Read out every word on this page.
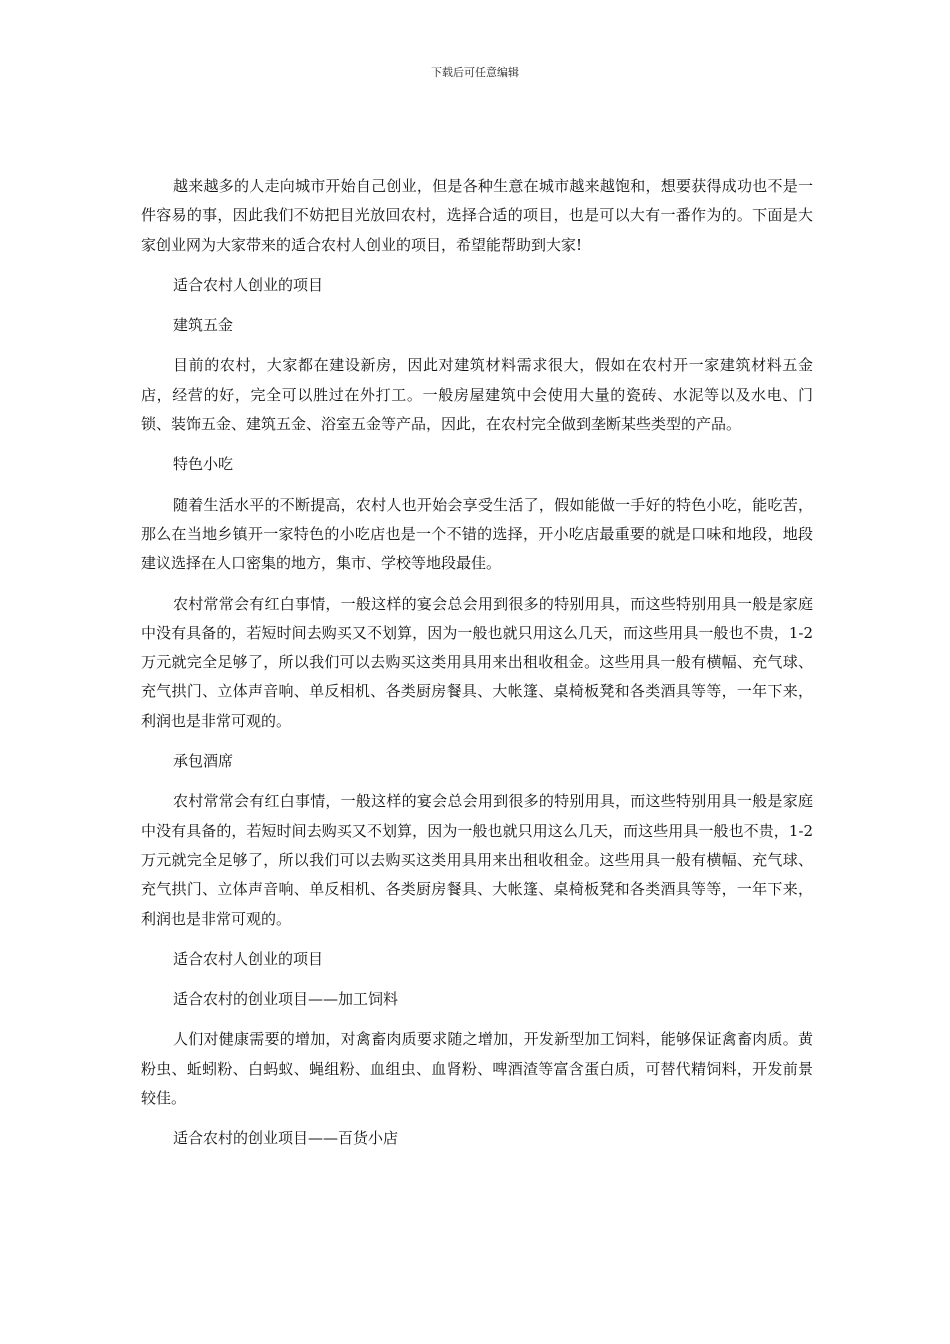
下载后可任意编辑

越来越多的人走向城市开始自己创业，但是各种生意在城市越来越饱和，想要获得成功也不是一件容易的事，因此我们不妨把目光放回农村，选择合适的项目，也是可以大有一番作为的。下面是大家创业网为大家带来的适合农村人创业的项目，希望能帮助到大家!

适合农村人创业的项目

建筑五金

目前的农村，大家都在建设新房，因此对建筑材料需求很大，假如在农村开一家建筑材料五金店，经营的好，完全可以胜过在外打工。一般房屋建筑中会使用大量的瓷砖、水泥等以及水电、门锁、装饰五金、建筑五金、浴室五金等产品，因此，在农村完全做到垄断某些类型的产品。

特色小吃

随着生活水平的不断提高，农村人也开始会享受生活了，假如能做一手好的特色小吃，能吃苦，那么在当地乡镇开一家特色的小吃店也是一个不错的选择，开小吃店最重要的就是口味和地段，地段建议选择在人口密集的地方，集市、学校等地段最佳。

农村常常会有红白事情，一般这样的宴会总会用到很多的特别用具，而这些特别用具一般是家庭中没有具备的，若短时间去购买又不划算，因为一般也就只用这么几天，而这些用具一般也不贵，1-2 万元就完全足够了，所以我们可以去购买这类用具用来出租收租金。这些用具一般有横幅、充气球、充气拱门、立体声音响、单反相机、各类厨房餐具、大帐篷、桌椅板凳和各类酒具等等，一年下来，利润也是非常可观的。

承包酒席

农村常常会有红白事情，一般这样的宴会总会用到很多的特别用具，而这些特别用具一般是家庭中没有具备的，若短时间去购买又不划算，因为一般也就只用这么几天，而这些用具一般也不贵，1-2 万元就完全足够了，所以我们可以去购买这类用具用来出租收租金。这些用具一般有横幅、充气球、充气拱门、立体声音响、单反相机、各类厨房餐具、大帐篷、桌椅板凳和各类酒具等等，一年下来，利润也是非常可观的。

适合农村人创业的项目

适合农村的创业项目——加工饲料

人们对健康需要的增加，对禽畜肉质要求随之增加，开发新型加工饲料，能够保证禽畜肉质。黄粉虫、蚯蚓粉、白蚂蚁、蝇组粉、血组虫、血肾粉、啤酒渣等富含蛋白质，可替代精饲料，开发前景较佳。

适合农村的创业项目——百货小店
